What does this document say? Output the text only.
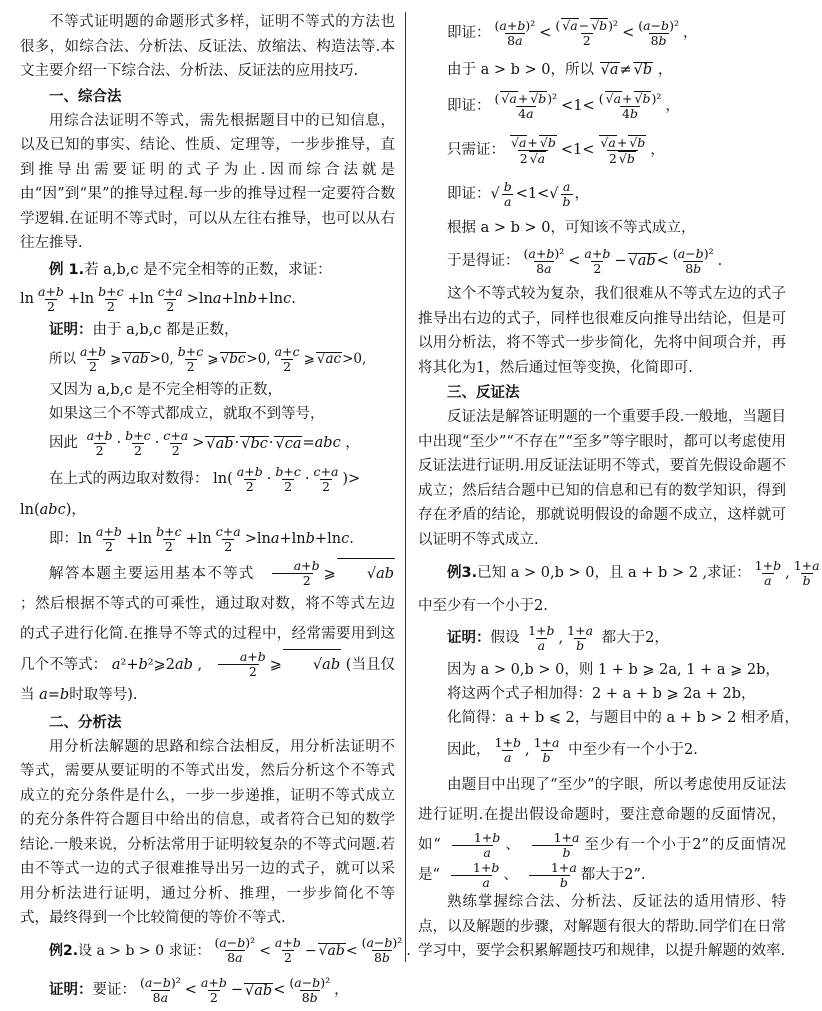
不等式证明题的命题形式多样，证明不等式的方法也很多，如综合法、分析法、反证法、放缩法、构造法等.本文主要介绍一下综合法、分析法、反证法的应用技巧.

一、综合法

用综合法证明不等式，需先根据题目中的已知信息，以及已知的事实、结论、性质、定理等，一步步推导，直到推导出需要证明的式子为止.因而综合法就是由“因”到“果”的推导过程.每一步的推导过程一定要符合数学逻辑.在证明不等式时，可以从左往右推导，也可以从右往左推导.

例 1.若 a,b,c 是不完全相等的正数，求证：

$\ln \frac{a+b}{2} +\ln \frac{b+c}{2} +\ln \frac{c+a}{2} >\ln$ a +ln b +ln c .

证明：由于 a,b,c 都是正数，

所以 $\frac{a+b}{2}$ ⩾ √ab >0, $\frac{b+c}{2}$ ⩾ √bc >0, $\frac{a+c}{2}$ ⩾ √ac >0,

又因为 a,b,c 是不完全相等的正数，

如果这三个不等式都成立，就取不到等号，

因此
$\frac{a+b}{2} \cdot \frac{b+c}{2} \cdot \frac{c+a}{2} > √ab \cdot √bc \cdot √ca$ = abc ，
在上式的两边取对数得： $\ln( \frac{a+b}{2} \cdot \frac{b+c}{2} \cdot \frac{c+a}{2}$ )>

ln(abc)，

即： $\ln \frac{a+b}{2} +\ln \frac{b+c}{2} +\ln \frac{c+a}{2} >\ln$ a +ln b +ln c .

解答本题主要运用基本不等式 $\frac{a+b}{2}$ ⩾ √ab ；然后根据不等式的可乘性，通过取对数，将不等式左边的式子进行化简.在推导不等式的过程中，经常需要用到这几个不等式： a²+b²⩾2ab , $\frac{a+b}{2}$ ⩾ √ab (当且仅当 a=b时取等号).

二、分析法

用分析法解题的思路和综合法相反，用分析法证明不等式，需要从要证明的不等式出发，然后分析这个不等式成立的充分条件是什么，一步一步递推，证明不等式成立的充分条件符合题目中给出的信息，或者符合已知的数学结论.一般来说，分析法常用于证明较复杂的不等式问题.若由不等式一边的式子很难推导出另一边的式子，就可以采用分析法进行证明，通过分析、推理，一步步简化不等式，最终得到一个比较简便的等价不等式.

例2. 设 a > b > 0 求证： $\frac{\text{(a−b)²}}{8a} < \frac{a+b}{2} - √ab < \frac{\text{(a−b)²}}{8b}$ .
证明： 要证： $\frac{\text{(a−b)²}}{8a} < \frac{a+b}{2} - √ab < \frac{\text{(a−b)²}}{8b}$ ，
即证： $\frac{\text{(a+b)²}}{8a} < \frac{\text{( √a− √b)²}}{2} < \frac{\text{(a−b)²}}{8b}$ ，
由于 a > b > 0，所以
√a ≠ √b ，
即证： $\frac{\text{( √a+ √b)²}}{4a} <1< \frac{\text{( √a+ √b)²}}{4b}$ ，
只需证： $\frac{√a+ √b}{2 √a} <1< \frac{√a+ √b}{2 √b}$ ，
即证： √ $\frac{b}{a} <1<√ \frac{a}{b}$ ，

根据 a > b > 0，可知该不等式成立，

于是得证： $\frac{\text{(a+b)²}}{8a} < \frac{a+b}{2} - √ab < \frac{\text{(a−b)²}}{8b}$ .

这个不等式较为复杂，我们很难从不等式左边的式子推导出右边的式子，同样也很难反向推导出结论，但是可以用分析法，将不等式一步步简化，先将中间项合并，再将其化为1，然后通过恒等变换，化简即可.

三、反证法

反证法是解答证明题的一个重要手段.一般地，当题目中出现“至少”“不存在”“至多”等字眼时，都可以考虑使用反证法进行证明.用反证法证明不等式，要首先假设命题不成立；然后结合题中已知的信息和已有的数学知识，得到存在矛盾的结论，那就说明假设的命题不成立，这样就可以证明不等式成立.

例3. 已知 a > 0,b > 0，且 a + b > 2 ,求证： $\frac{1+b}{a}$ , $\frac{1+a}{b}$

中至少有一个小于2.

证明： 假设
$\frac{1+b}{a}$ , $\frac{1+a}{b}$
都大于2，

因为 a > 0,b > 0，则 1 + b ⩾ 2a, 1 + a ⩾ 2b，

将这两个式子相加得：2 + a + b ⩾ 2a + 2b，

化简得：a + b ⩽ 2，与题目中的 a + b > 2 相矛盾，

因此， $\frac{1+b}{a}$ , $\frac{1+a}{b}$
中至少有一个小于2.

由题目中出现了“至少”的字眼，所以考虑使用反证法进行证明.在提出假设命题时，要注意命题的反面情况，如“ $\frac{1+b}{a}$ 、 $\frac{1+a}{b}$ 至少有一个小于2”的反面情况是“ $\frac{1+b}{a}$ 、 $\frac{1+a}{b}$ 都大于2”.

熟练掌握综合法、分析法、反证法的适用情形、特点，以及解题的步骤，对解题有很大的帮助.同学们在日常学习中，要学会积累解题技巧和规律，以提升解题的效率.
